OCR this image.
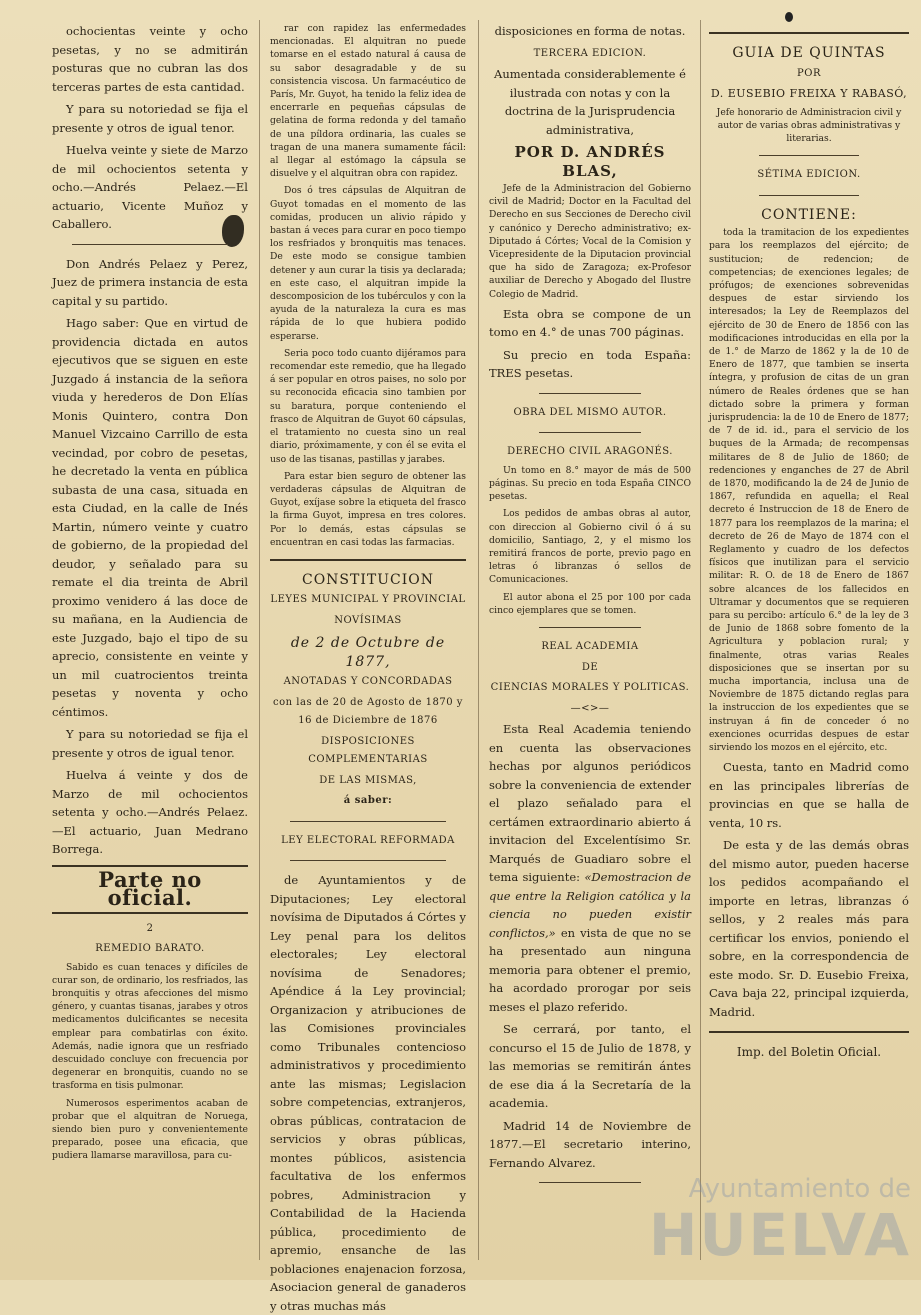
ochocientas veinte y ocho pesetas, y no se admitirán posturas que no cubran las dos terceras partes de esta cantidad.

Y para su notoriedad se fija el presente y otros de igual tenor.

Huelva veinte y siete de Marzo de mil ochocientos setenta y ocho.—Andrés Pelaez.—El actuario, Vicente Muñoz y Caballero.

Don Andrés Pelaez y Perez, Juez de primera instancia de esta capital y su partido.

Hago saber: Que en virtud de providencia dictada en autos ejecutivos que se siguen en este Juzgado á instancia de la señora viuda y herederos de Don Elías Monis Quintero, contra Don Manuel Vizcaino Carrillo de esta vecindad, por cobro de pesetas, he decretado la venta en pública subasta de una casa, situada en esta Ciudad, en la calle de Inés Martin, número veinte y cuatro de gobierno, de la propiedad del deudor, y señalado para su remate el dia treinta de Abril proximo venidero á las doce de su mañana, en la Audiencia de este Juzgado, bajo el tipo de su aprecio, consistente en veinte y un mil cuatrocientos treinta pesetas y noventa y ocho céntimos.

Y para su notoriedad se fija el presente y otros de igual tenor.

Huelva á veinte y dos de Marzo de mil ochocientos setenta y ocho.—Andrés Pelaez.—El actuario, Juan Medrano Borrega.

Parte no oficial.
2
REMEDIO BARATO.

Sabido es cuan tenaces y difíciles de curar son, de ordinario, los resfriados, las bronquitis y otras afecciones del mismo género, y cuantas tisanas, jarabes y otros medicamentos dulcificantes se necesita emplear para combatirlas con éxito. Además, nadie ignora que un resfriado descuidado concluye con frecuencia por degenerar en bronquitis, cuando no se trasforma en tisis pulmonar.

Numerosos esperimentos acaban de probar que el alquitran de Noruega, siendo bien puro y convenientemente preparado, posee una eficacia, que pudiera llamarse maravillosa, para cu-

rar con rapidez las enfermedades mencionadas. El alquitran no puede tomarse en el estado natural á causa de su sabor desagradable y de su consistencia viscosa. Un farmacéutico de París, Mr. Guyot, ha tenido la feliz idea de encerrarle en pequeñas cápsulas de gelatina de forma redonda y del tamaño de una píldora ordinaria, las cuales se tragan de una manera sumamente fácil: al llegar al estómago la cápsula se disuelve y el alquitran obra con rapidez.

Dos ó tres cápsulas de Alquitran de Guyot tomadas en el momento de las comidas, producen un alivio rápido y bastan á veces para curar en poco tiempo los resfriados y bronquitis mas tenaces. De este modo se consigue tambien detener y aun curar la tisis ya declarada; en este caso, el alquitran impide la descomposicion de los tubérculos y con la ayuda de la naturaleza la cura es mas rápida de lo que hubiera podido esperarse.

Seria poco todo cuanto dijéramos para recomendar este remedio, que ha llegado á ser popular en otros paises, no solo por su reconocida eficacia sino tambien por su baratura, porque conteniendo el frasco de Alquitran de Guyot 60 cápsulas, el tratamiento no cuesta sino un real diario, próximamente, y con él se evita el uso de las tisanas, pastillas y jarabes.

Para estar bien seguro de obtener las verdaderas cápsulas de Alquitran de Guyot, exíjase sobre la etiqueta del frasco la firma Guyot, impresa en tres colores. Por lo demás, estas cápsulas se encuentran en casi todas las farmacias.

CONSTITUCION
LEYES MUNICIPAL Y PROVINCIAL
NOVÍSIMAS
de 2 de Octubre de 1877,
ANOTADAS Y CONCORDADAS
con las de 20 de Agosto de 1870 y 16 de Diciembre de 1876
DISPOSICIONES COMPLEMENTARIAS
DE LAS MISMAS,
á saber:
LEY ELECTORAL REFORMADA

de Ayuntamientos y de Diputaciones; Ley electoral novísima de Diputados á Córtes y Ley penal para los delitos electorales; Ley electoral novísima de Senadores; Apéndice á la Ley provincial; Organizacion y atribuciones de las Comisiones provinciales como Tribunales contencioso administrativos y procedimiento ante las mismas; Legislacion sobre competencias, extranjeros, obras públicas, contratacion de servicios y obras públicas, montes públicos, asistencia facultativa de los enfermos pobres, Administracion y Contabilidad de la Hacienda pública, procedimiento de apremio, ensanche de las poblaciones enajenacion forzosa, Asociacion general de ganaderos y otras muchas más

disposiciones en forma de notas.

TERCERA EDICION.

Aumentada considerablemente é ilustrada con notas y con la doctrina de la Jurisprudencia administrativa,

POR D. ANDRÉS BLAS,

Jefe de la Administracion del Gobierno civil de Madrid; Doctor en la Facultad del Derecho en sus Secciones de Derecho civil y canónico y Derecho administrativo; ex-Diputado á Córtes; Vocal de la Comision y Vicepresidente de la Diputacion provincial que ha sido de Zaragoza; ex-Profesor auxiliar de Derecho y Abogado del Ilustre Colegio de Madrid.

Esta obra se compone de un tomo en 4.° de unas 700 páginas.

Su precio en toda España: TRES pesetas.

OBRA DEL MISMO AUTOR.
DERECHO CIVIL ARAGONÉS.

Un tomo en 8.° mayor de más de 500 páginas. Su precio en toda España CINCO pesetas.

Los pedidos de ambas obras al autor, con direccion al Gobierno civil ó á su domicilio, Santiago, 2, y el mismo los remitirá francos de porte, previo pago en letras ó libranzas ó sellos de Comunicaciones.

El autor abona el 25 por 100 por cada cinco ejemplares que se tomen.

REAL ACADEMIA
DE
CIENCIAS MORALES Y POLITICAS.
—<>—

Esta Real Academia teniendo en cuenta las observaciones hechas por algunos periódicos sobre la conveniencia de extender el plazo señalado para el certámen extraordinario abierto á invitacion del Excelentísimo Sr. Marqués de Guadiaro sobre el tema siguiente: «Demostracion de que entre la Religion católica y la ciencia no pueden existir conflictos,» en vista de que no se ha presentado aun ninguna memoria para obtener el premio, ha acordado prorogar por seis meses el plazo referido.

Se cerrará, por tanto, el concurso el 15 de Julio de 1878, y las memorias se remitirán ántes de ese dia á la Secretaría de la academia.

Madrid 14 de Noviembre de 1877.—El secretario interino, Fernando Alvarez.

GUIA DE QUINTAS
POR
D. EUSEBIO FREIXA Y RABASÓ,

Jefe honorario de Administracion civil y autor de varias obras administrativas y literarias.

SÉTIMA EDICION.
CONTIENE:

toda la tramitacion de los expedientes para los reemplazos del ejército; de sustitucion; de redencion; de competencias; de exenciones legales; de prófugos; de exenciones sobrevenidas despues de estar sirviendo los interesados; la Ley de Reemplazos del ejército de 30 de Enero de 1856 con las modificaciones introducidas en ella por la de 1.° de Marzo de 1862 y la de 10 de Enero de 1877, que tambien se inserta íntegra, y profusion de citas de un gran número de Reales órdenes que se han dictado sobre la primera y forman jurisprudencia: la de 10 de Enero de 1877; de 7 de id. id., para el servicio de los buques de la Armada; de recompensas militares de 8 de Julio de 1860; de redenciones y enganches de 27 de Abril de 1870, modificando la de 24 de Junio de 1867, refundida en aquella; el Real decreto é Instruccion de 18 de Enero de 1877 para los reemplazos de la marina; el decreto de 26 de Mayo de 1874 con el Reglamento y cuadro de los defectos físicos que inutilizan para el servicio militar: R. O. de 18 de Enero de 1867 sobre alcances de los fallecidos en Ultramar y documentos que se requieren para su percibo: artículo 6.° de la ley de 3 de Junio de 1868 sobre fomento de la Agricultura y poblacion rural; y finalmente, otras varias Reales disposiciones que se insertan por su mucha importancia, inclusa una de Noviembre de 1875 dictando reglas para la instruccion de los expedientes que se instruyan á fin de conceder ó no exenciones ocurridas despues de estar sirviendo los mozos en el ejército, etc.

Cuesta, tanto en Madrid como en las principales librerías de provincias en que se halla de venta, 10 rs.

De esta y de las demás obras del mismo autor, pueden hacerse los pedidos acompañando el importe en letras, libranzas ó sellos, y 2 reales más para certificar los envios, poniendo el sobre, en la correspondencia de este modo. Sr. D. Eusebio Freixa, Cava baja 22, principal izquierda, Madrid.

Imp. del Boletin Oficial.

Ayuntamiento de
HUELVA
